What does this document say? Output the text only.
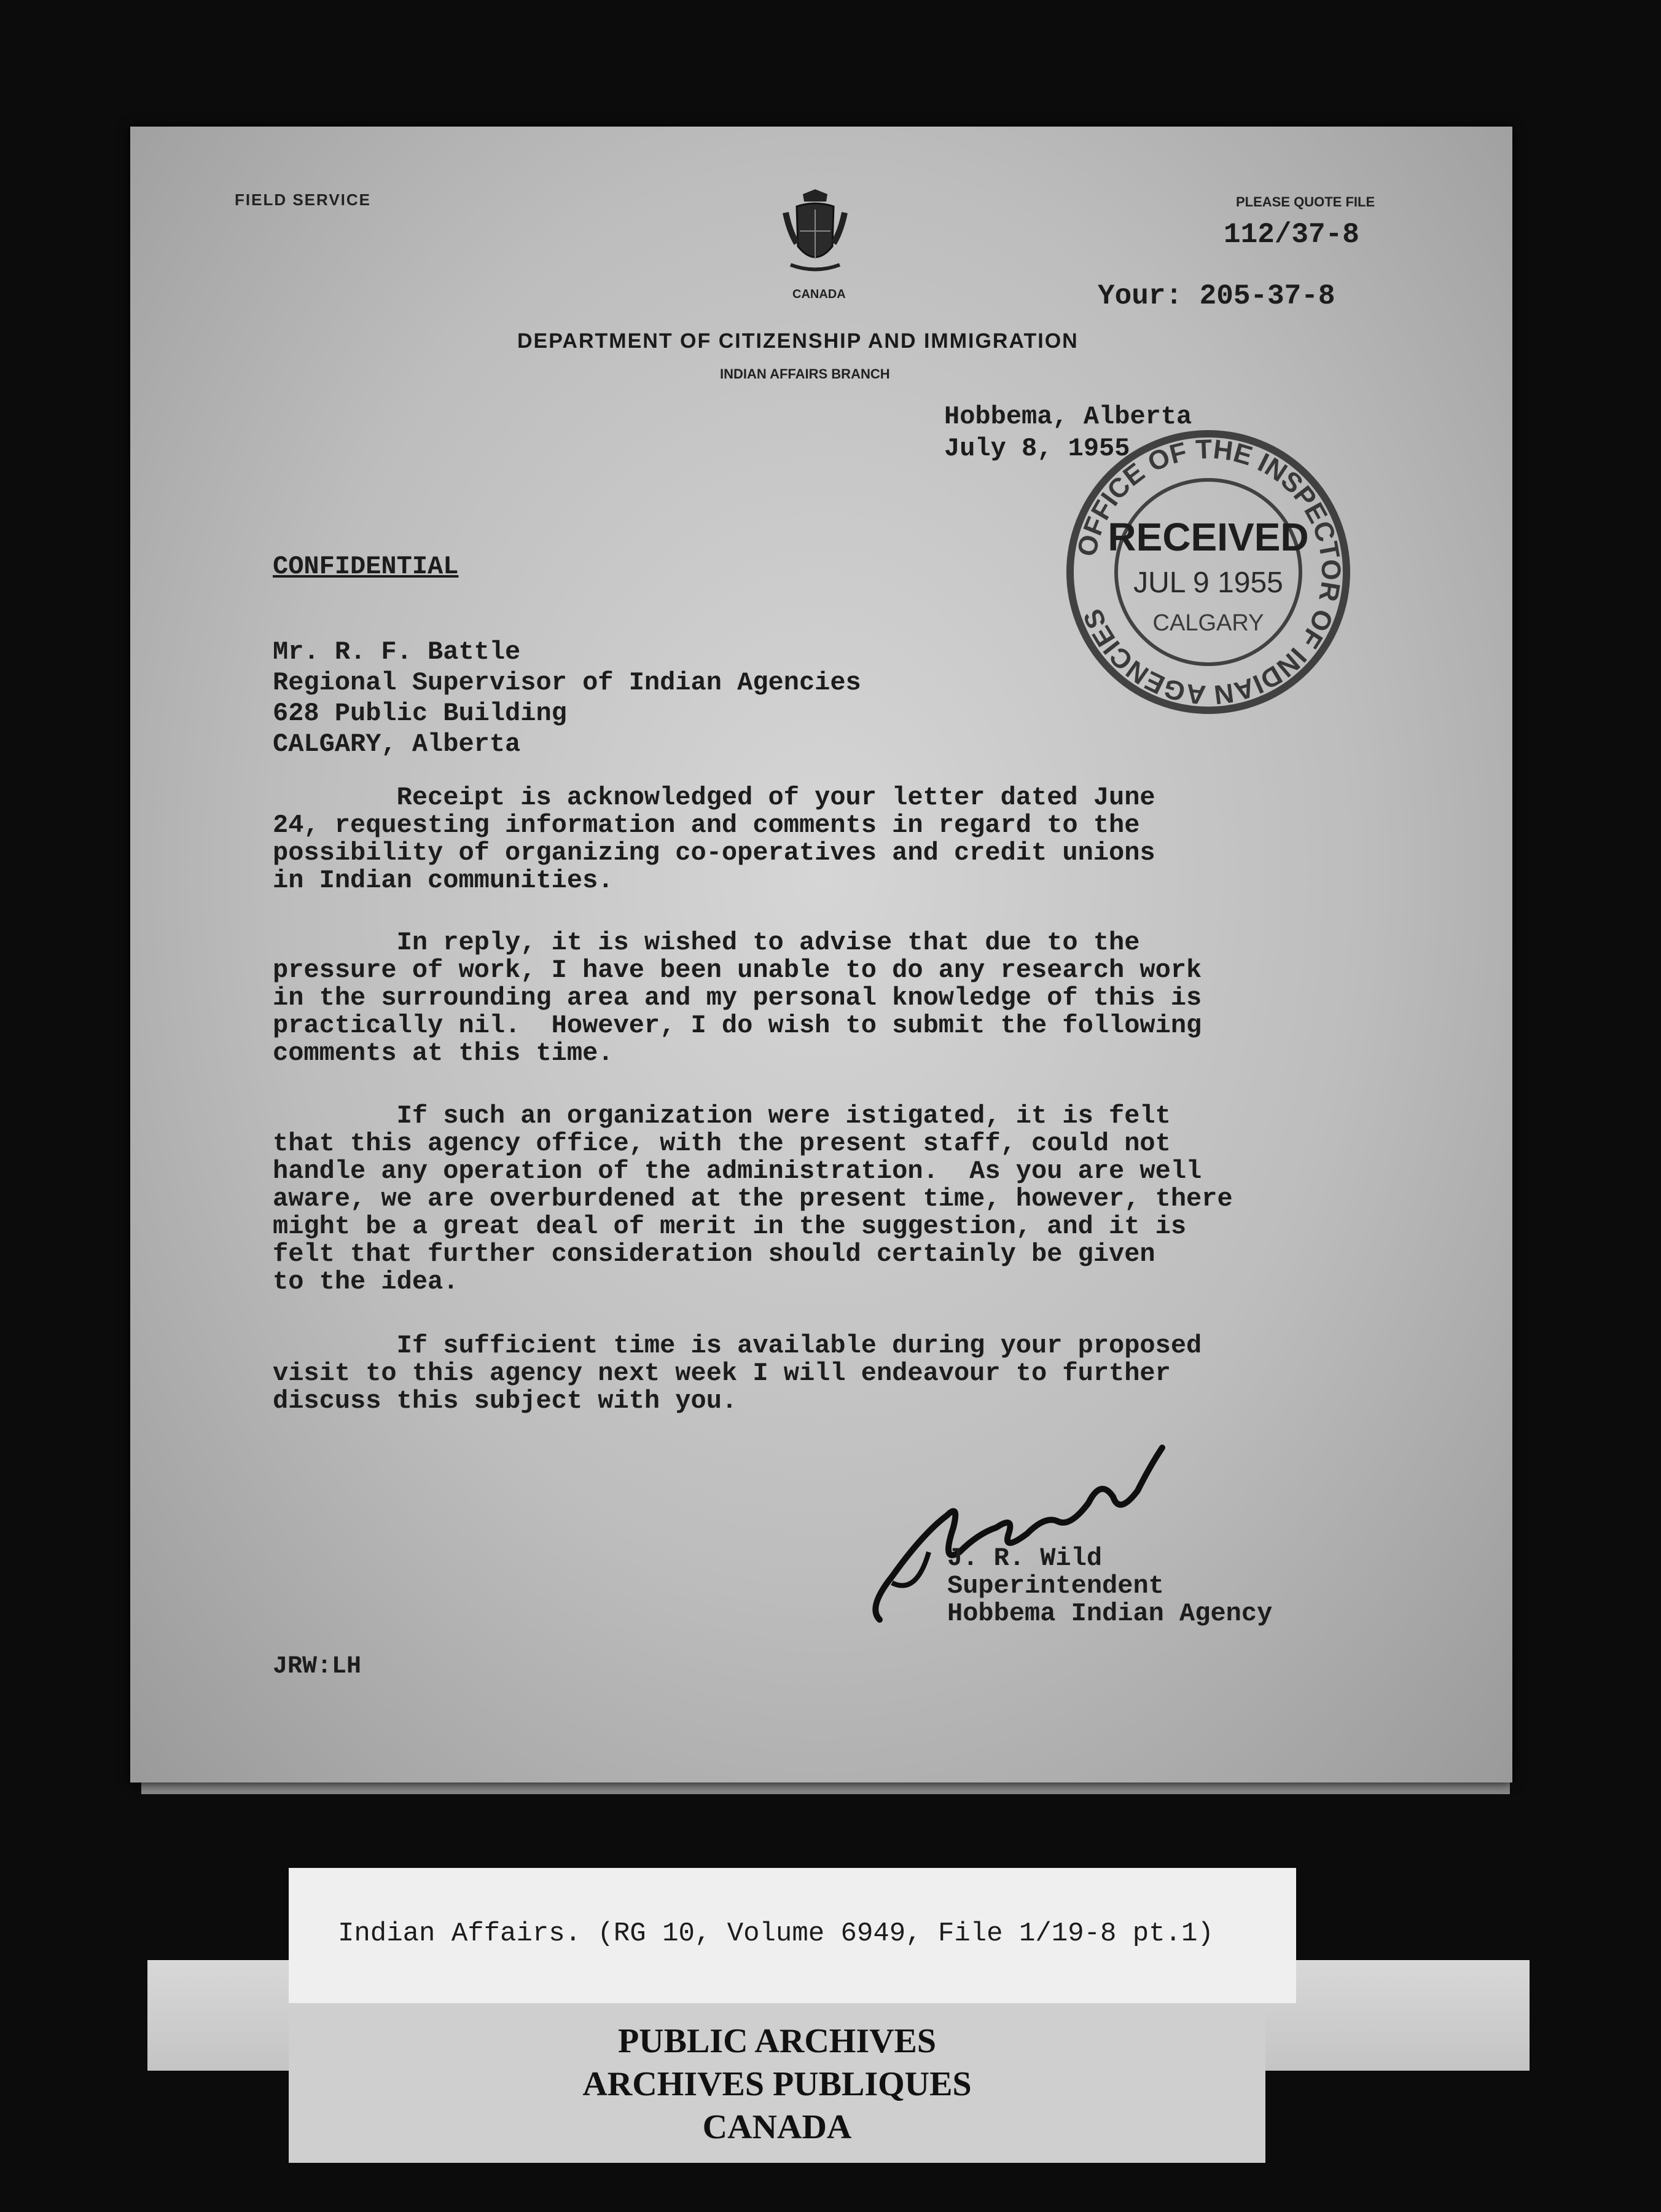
FIELD SERVICE	PLEASE QUOTE FILE
112/37-8
Your: 205-37-8
CANADA
DEPARTMENT OF CITIZENSHIP AND IMMIGRATION
INDIAN AFFAIRS BRANCH
Hobbema, Alberta
July 8, 1955
OFFICE OF THE INSPECTOR OF INDIAN AGENCIES
RECEIVED
JUL 9 1955
CALGARY
CONFIDENTIAL
Mr. R. F. Battle
Regional Supervisor of Indian Agencies
628 Public Building
CALGARY, Alberta
Receipt is acknowledged of your letter dated June
24, requesting information and comments in regard to the
possibility of organizing co-operatives and credit unions
in Indian communities.
In reply, it is wished to advise that due to the
pressure of work, I have been unable to do any research work
in the surrounding area and my personal knowledge of this is
practically nil.  However, I do wish to submit the following
comments at this time.
If such an organization were istigated, it is felt
that this agency office, with the present staff, could not
handle any operation of the administration.  As you are well
aware, we are overburdened at the present time, however, there
might be a great deal of merit in the suggestion, and it is
felt that further consideration should certainly be given
to the idea.
If sufficient time is available during your proposed
visit to this agency next week I will endeavour to further
discuss this subject with you.
J. R. Wild
Superintendent
Hobbema Indian Agency
JRW:LH
Indian Affairs. (RG 10, Volume 6949, File 1/19-8 pt.1)
PUBLIC ARCHIVES
ARCHIVES PUBLIQUES
CANADA
